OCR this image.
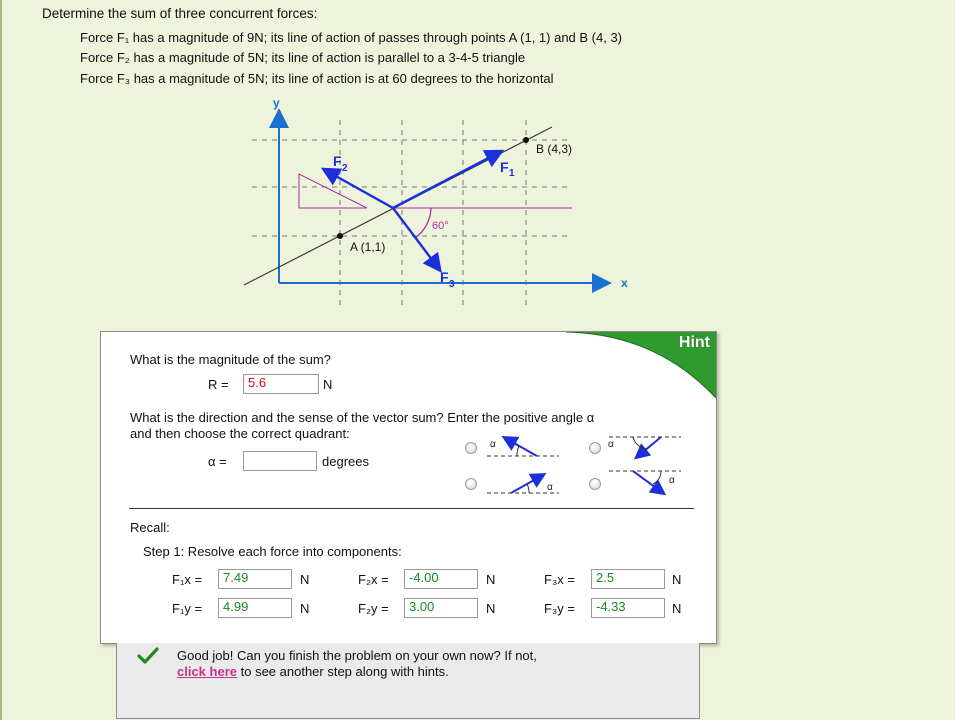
Determine the sum of three concurrent forces:
Force F₁ has a magnitude of 9N; its line of action of passes through points A (1, 1) and B (4, 3)
Force F₂ has a magnitude of 5N; its line of action is parallel to a 3-4-5 triangle
Force F₃ has a magnitude of 5N; its line of action is at 60 degrees to the horizontal
y
x
B (4,3)
A (1,1)
60°
F 1
F 2
F 3
Hint
What is the magnitude of the sum?
R =	5.6	N
What is the direction and the sense of the vector sum? Enter the positive angle α
and then choose the correct quadrant:
α =	degrees
α	α
α
α
Recall:
Step 1: Resolve each force into components:
F₁x =	7.49	N	F₂x =	-4.00	N	F₃x =	2.5	N
F₁y =	4.99	N	F₂y =	3.00	N	F₃y =	-4.33	N
Good job! Can you finish the problem on your own now? If not,
click here to see another step along with hints.
